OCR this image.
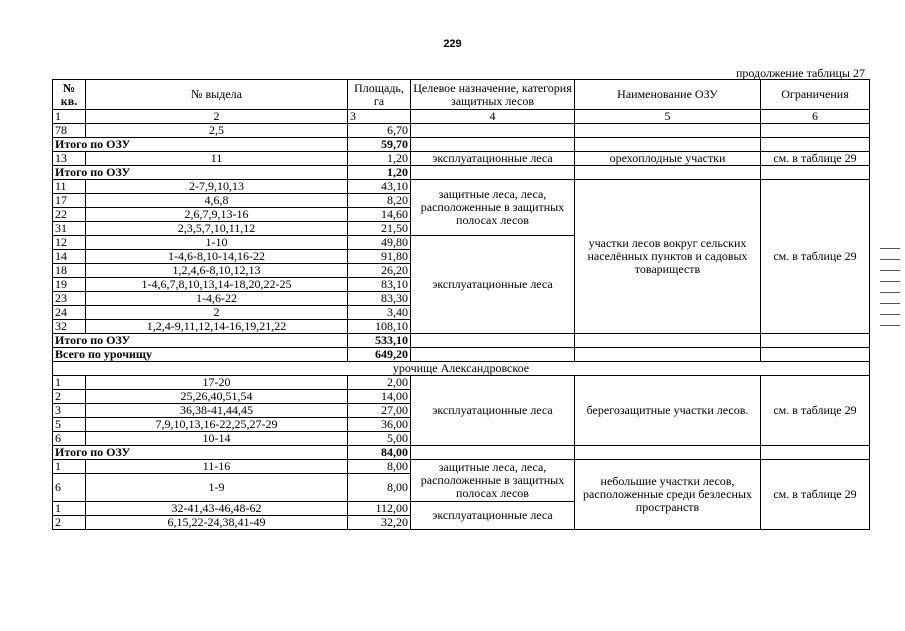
229
продолжение таблицы 27
№ кв.	№ выдела	Площадь, га	Целевое назначение, категория защитных лесов	Наименование ОЗУ	Ограничения
1	2	3	4	5	6
78	2,5	6,70			
Итого по ОЗУ		59,70			
13	11	1,20	эксплуатационные леса	орехоплодные участки	см. в таблице 29
Итого по ОЗУ		1,20			
11	2-7,9,10,13	43,10	защитные леса, леса, расположенные в защитных полосах лесов	участки лесов вокруг сельских населённых пунктов и садовых товариществ	см. в таблице 29
17	4,6,8	8,20			
22	2,6,7,9,13-16	14,60			
31	2,3,5,7,10,11,12	21,50			
12	1-10	49,80	эксплуатационные леса		
14	1-4,6-8,10-14,16-22	91,80			
18	1,2,4,6-8,10,12,13	26,20			
19	1-4,6,7,8,10,13,14-18,20,22-25	83,10			
23	1-4,6-22	83,30			
24	2	3,40			
32	1,2,4-9,11,12,14-16,19,21,22	108,10			
Итого по ОЗУ		533,10			
Всего по урочищу		649,20			
урочище Александровское					
1	17-20	2,00	эксплуатационные леса	берегозащитные участки лесов.	см. в таблице 29
2	25,26,40,51,54	14,00			
3	36,38-41,44,45	27,00			
5	7,9,10,13,16-22,25,27-29	36,00			
6	10-14	5,00			
Итого по ОЗУ		84,00			
1	11-16	8,00	защитные леса, леса, расположенные в защитных полосах лесов	небольшие участки лесов, расположенные среди безлесных пространств	см. в таблице 29
6	1-9	8,00			
1	32-41,43-46,48-62	112,00	эксплуатационные леса		
2	6,15,22-24,38,41-49	32,20			
